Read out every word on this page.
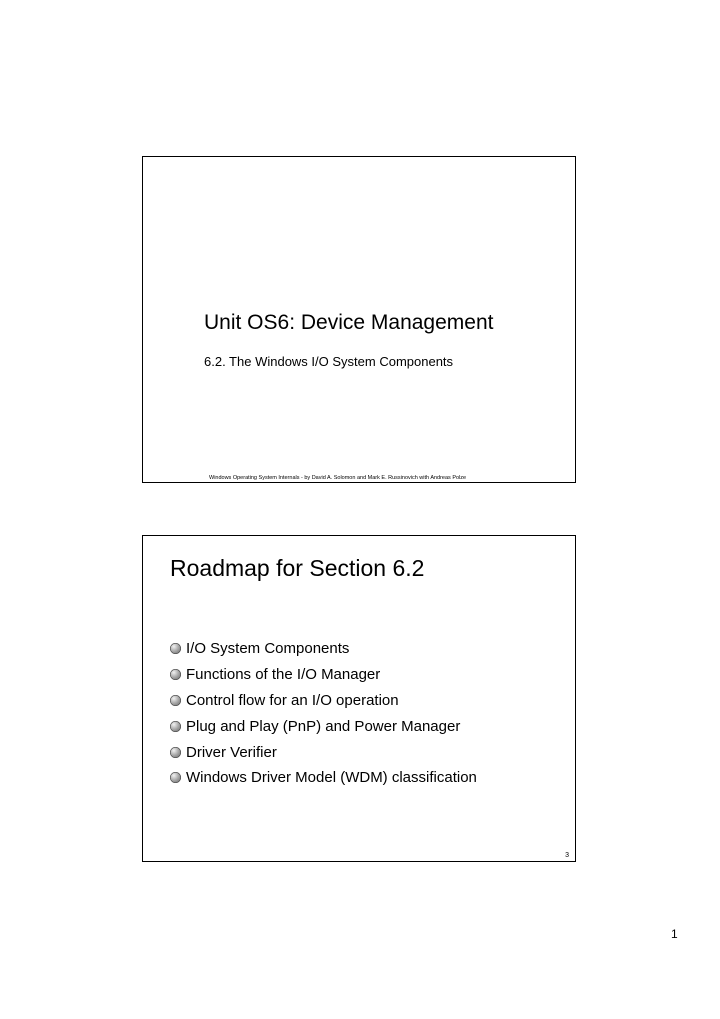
Unit OS6: Device Management
6.2. The Windows I/O System Components
Windows Operating System Internals - by David A. Solomon and Mark E. Russinovich with Andreas Polze
Roadmap for Section 6.2
I/O System Components
Functions of the I/O Manager
Control flow for an I/O operation
Plug and Play (PnP) and Power Manager
Driver Verifier
Windows Driver Model (WDM) classification
3
1
